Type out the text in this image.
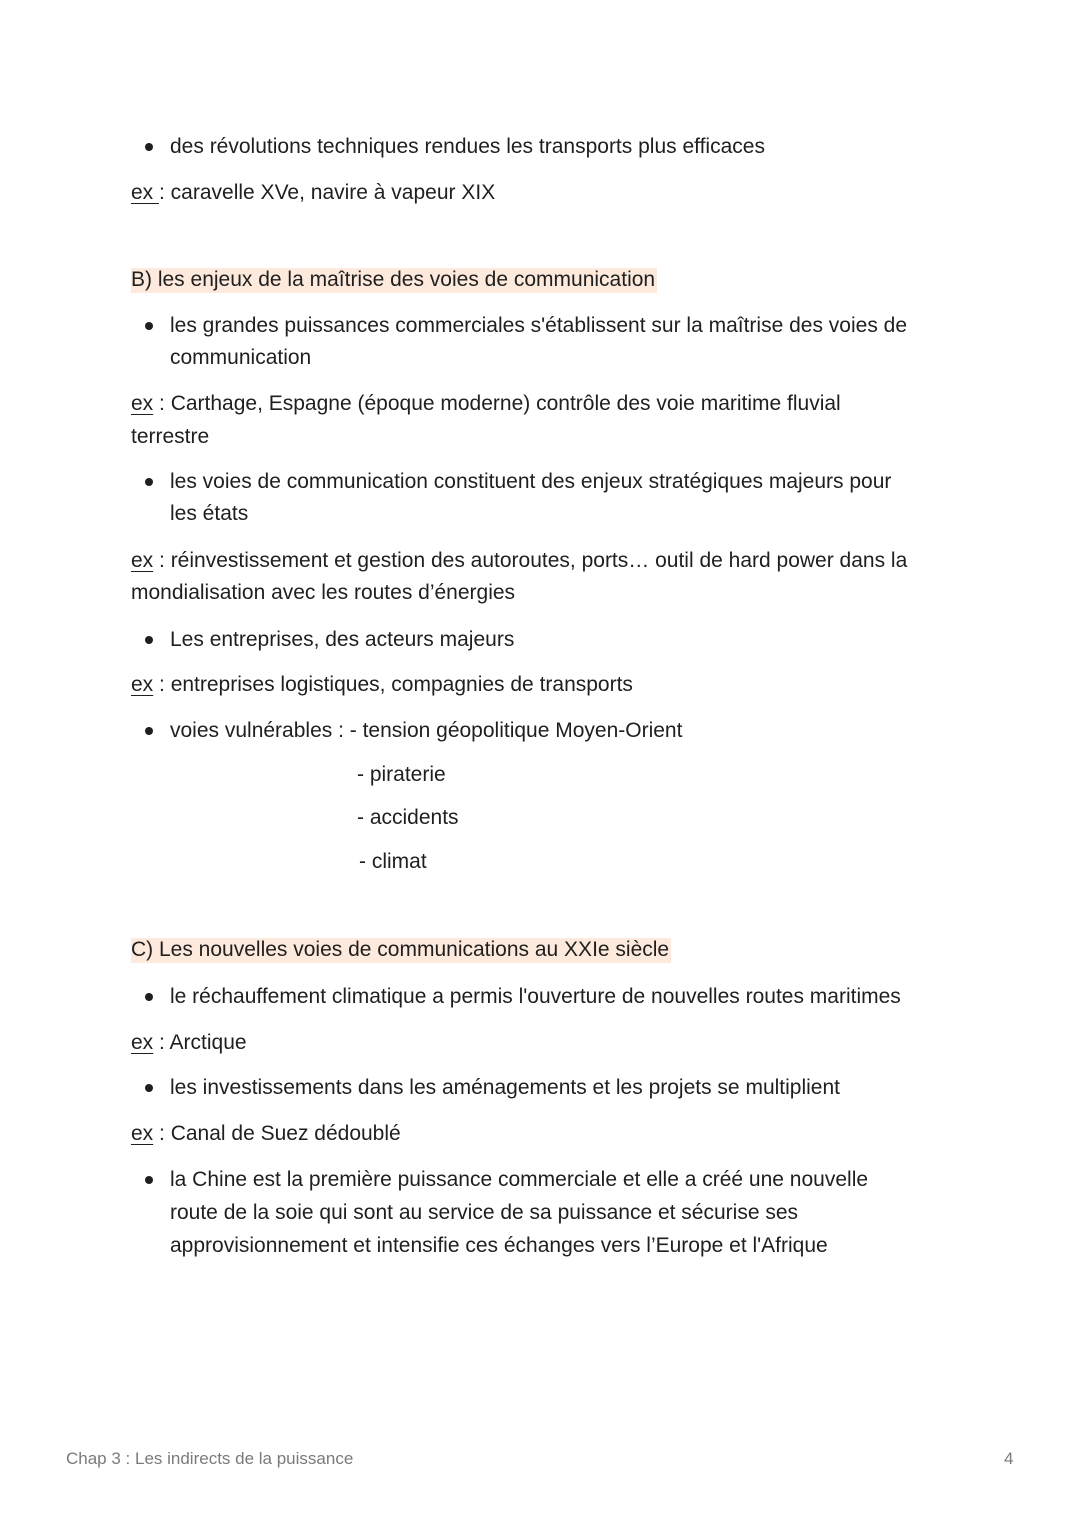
des révolutions techniques rendues les transports plus efficaces
ex : caravelle XVe, navire à vapeur XIX
B) les enjeux de la maîtrise des voies de communication
les grandes puissances commerciales s'établissent sur la maîtrise des voies de
communication
ex : Carthage, Espagne (époque moderne) contrôle des voie maritime fluvial
terrestre
les voies de communication constituent des enjeux stratégiques majeurs pour
les états
ex : réinvestissement et gestion des autoroutes, ports… outil de hard power dans la
mondialisation avec les routes d’énergies
Les entreprises, des acteurs majeurs
ex : entreprises logistiques, compagnies de transports
voies vulnérables : - tension géopolitique Moyen-Orient
- piraterie
- accidents
- climat
C) Les nouvelles voies de communications au XXIe siècle
le réchauffement climatique a permis l'ouverture de nouvelles routes maritimes
ex : Arctique
les investissements dans les aménagements et les projets se multiplient
ex : Canal de Suez dédoublé
la Chine est la première puissance commerciale et elle a créé une nouvelle
route de la soie qui sont au service de sa puissance et sécurise ses
approvisionnement et intensifie ces échanges vers l’Europe et l'Afrique
Chap 3 : Les indirects de la puissance	4
